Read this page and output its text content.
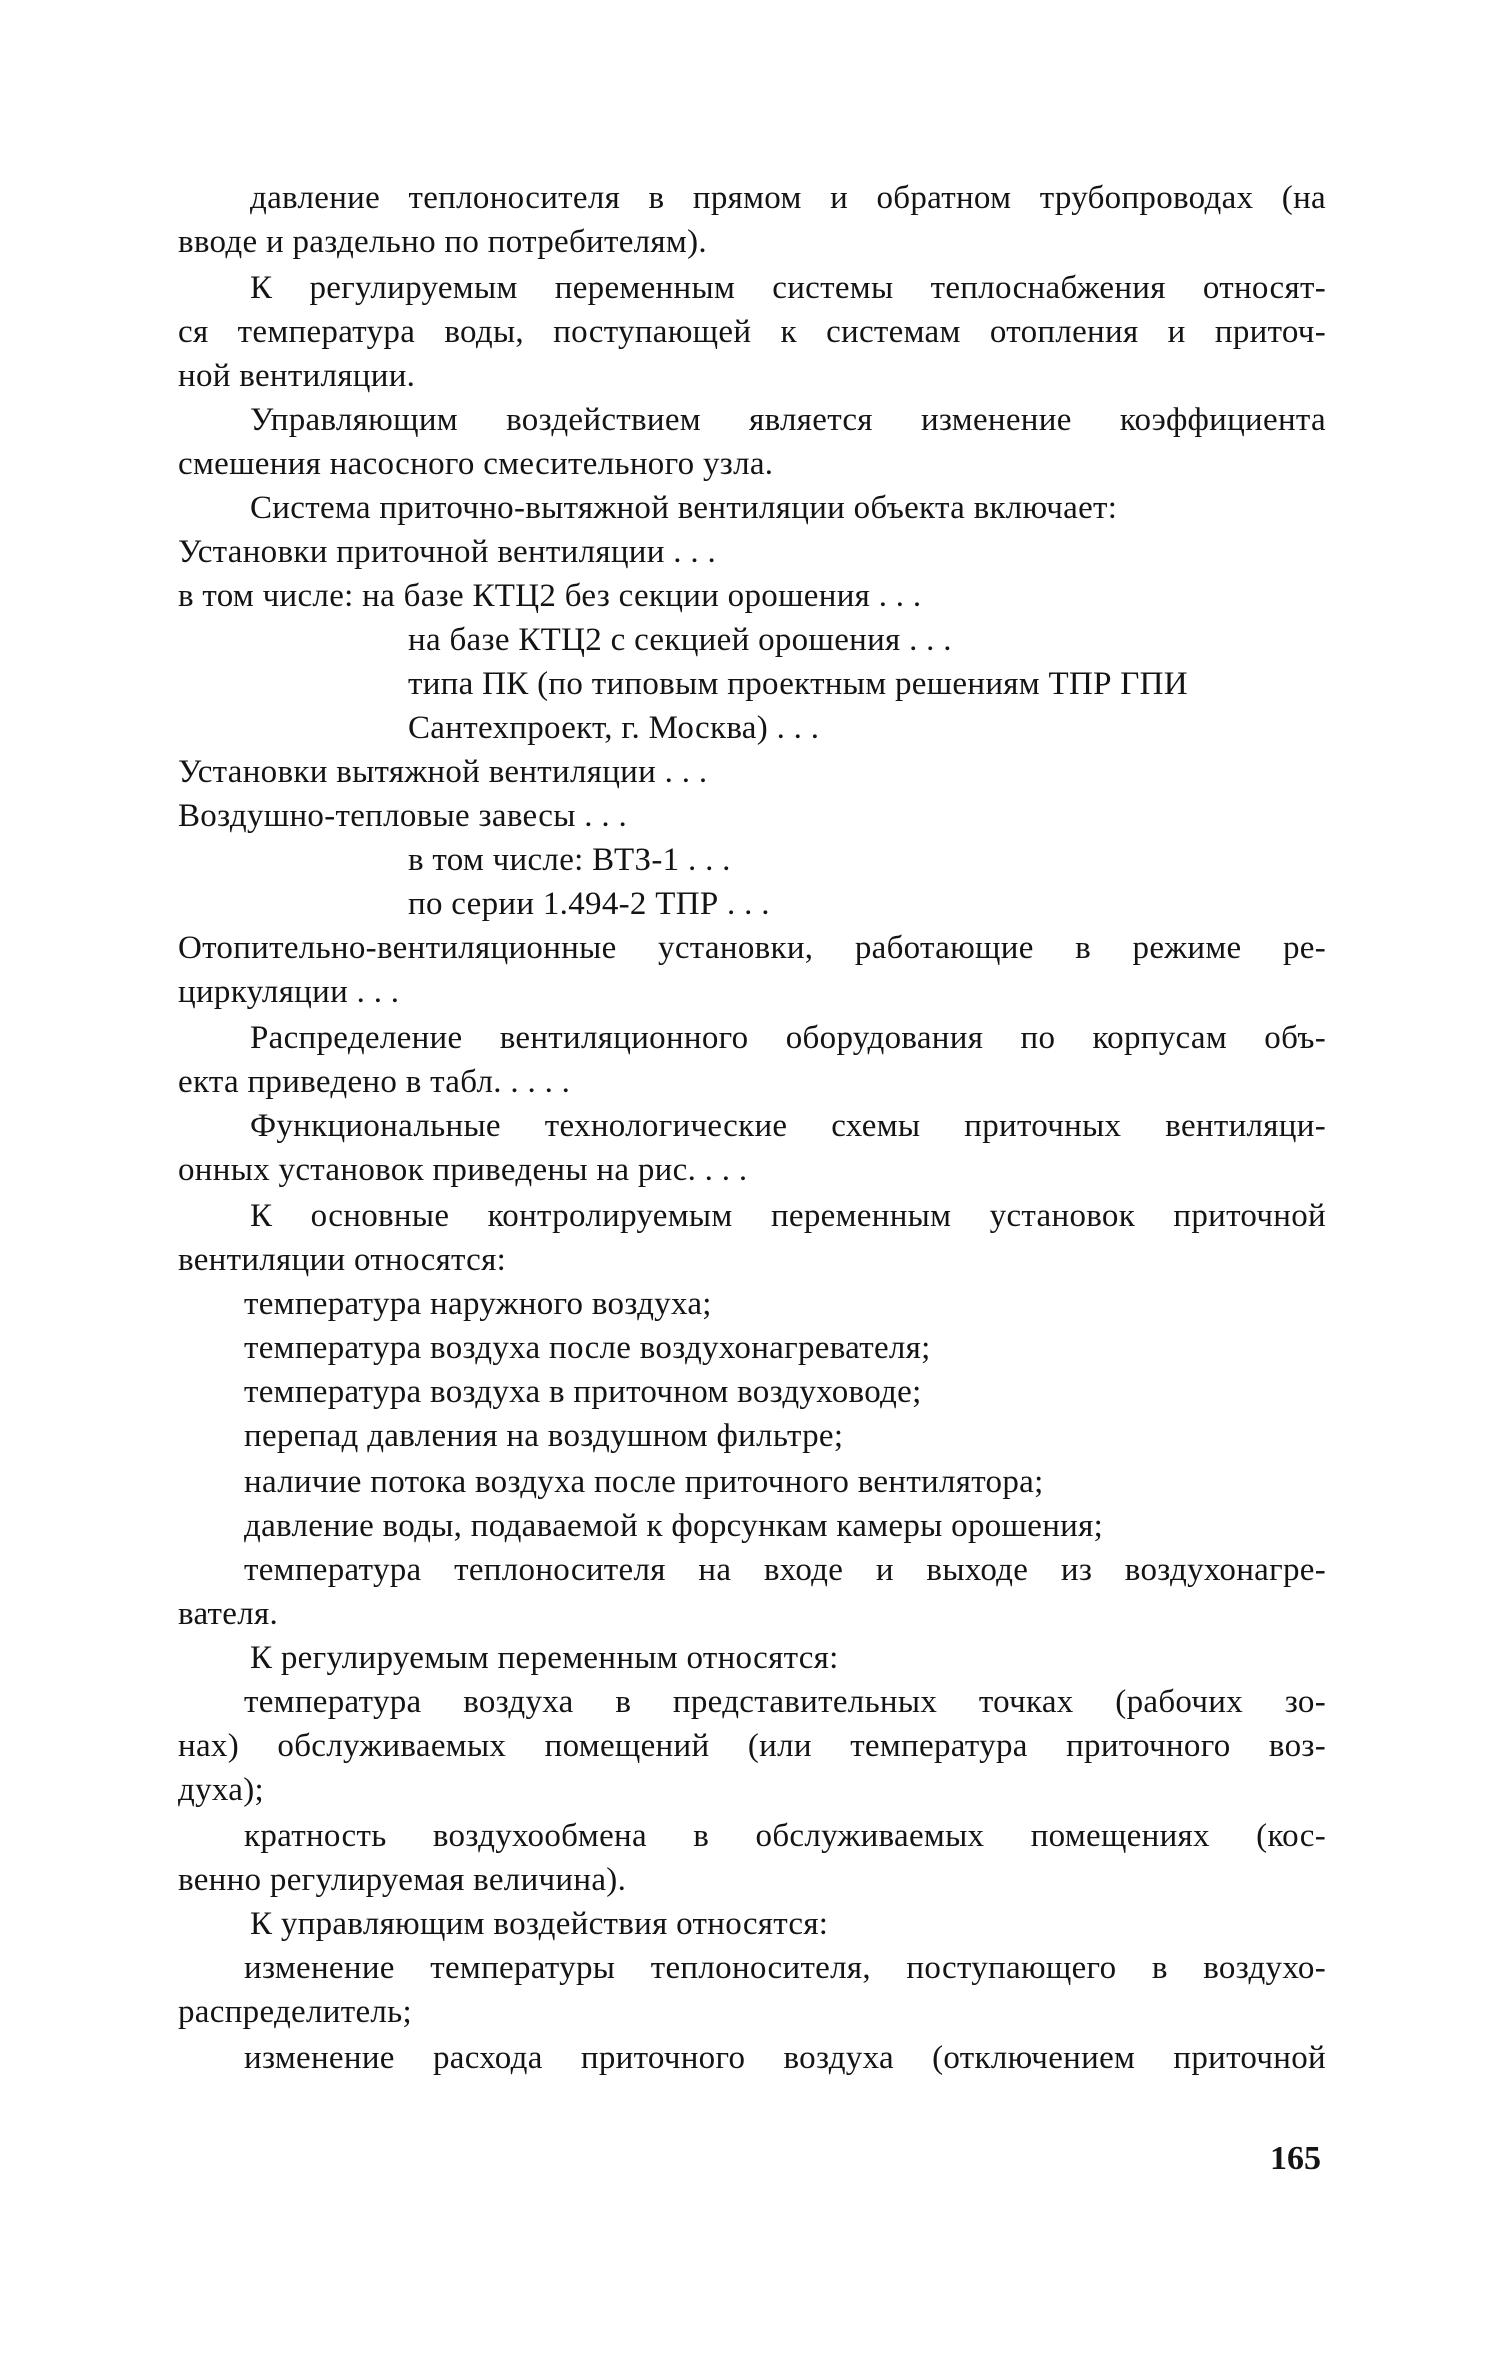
давление теплоносителя в прямом и обратном трубопроводах (на
вводе и раздельно по потребителям).
К регулируемым переменным системы теплоснабжения относят-
ся температура воды, поступающей к системам отопления и приточ-
ной вентиляции.
Управляющим воздействием является изменение коэффициента
смешения насосного смесительного узла.
Система приточно-вытяжной вентиляции объекта включает:
Установки приточной вентиляции . . .
в том числе: на базе КТЦ2 без секции орошения . . .
на базе КТЦ2 с секцией орошения . . .
типа ПК (по типовым проектным решениям ТПР ГПИ
Сантехпроект, г. Москва) . . .
Установки вытяжной вентиляции . . .
Воздушно-тепловые завесы . . .
в том числе: ВТЗ-1 . . .
по серии 1.494-2 ТПР . . .
Отопительно-вентиляционные установки, работающие в режиме ре-
циркуляции . . .
Распределение вентиляционного оборудования по корпусам объ-
екта приведено в табл. . . . .
Функциональные технологические схемы приточных вентиляци-
онных установок приведены на рис. . . .
К основные контролируемым переменным установок приточной
вентиляции относятся:
температура наружного воздуха;
температура воздуха после воздухонагревателя;
температура воздуха в приточном воздуховоде;
перепад давления на воздушном фильтре;
наличие потока воздуха после приточного вентилятора;
давление воды, подаваемой к форсункам камеры орошения;
температура теплоносителя на входе и выходе из воздухонагре-
вателя.
К регулируемым переменным относятся:
температура воздуха в представительных точках (рабочих зо-
нах) обслуживаемых помещений (или температура приточного воз-
духа);
кратность воздухообмена в обслуживаемых помещениях (кос-
венно регулируемая величина).
К управляющим воздействия относятся:
изменение температуры теплоносителя, поступающего в воздухо-
распределитель;
изменение расхода приточного воздуха (отключением приточной
165
